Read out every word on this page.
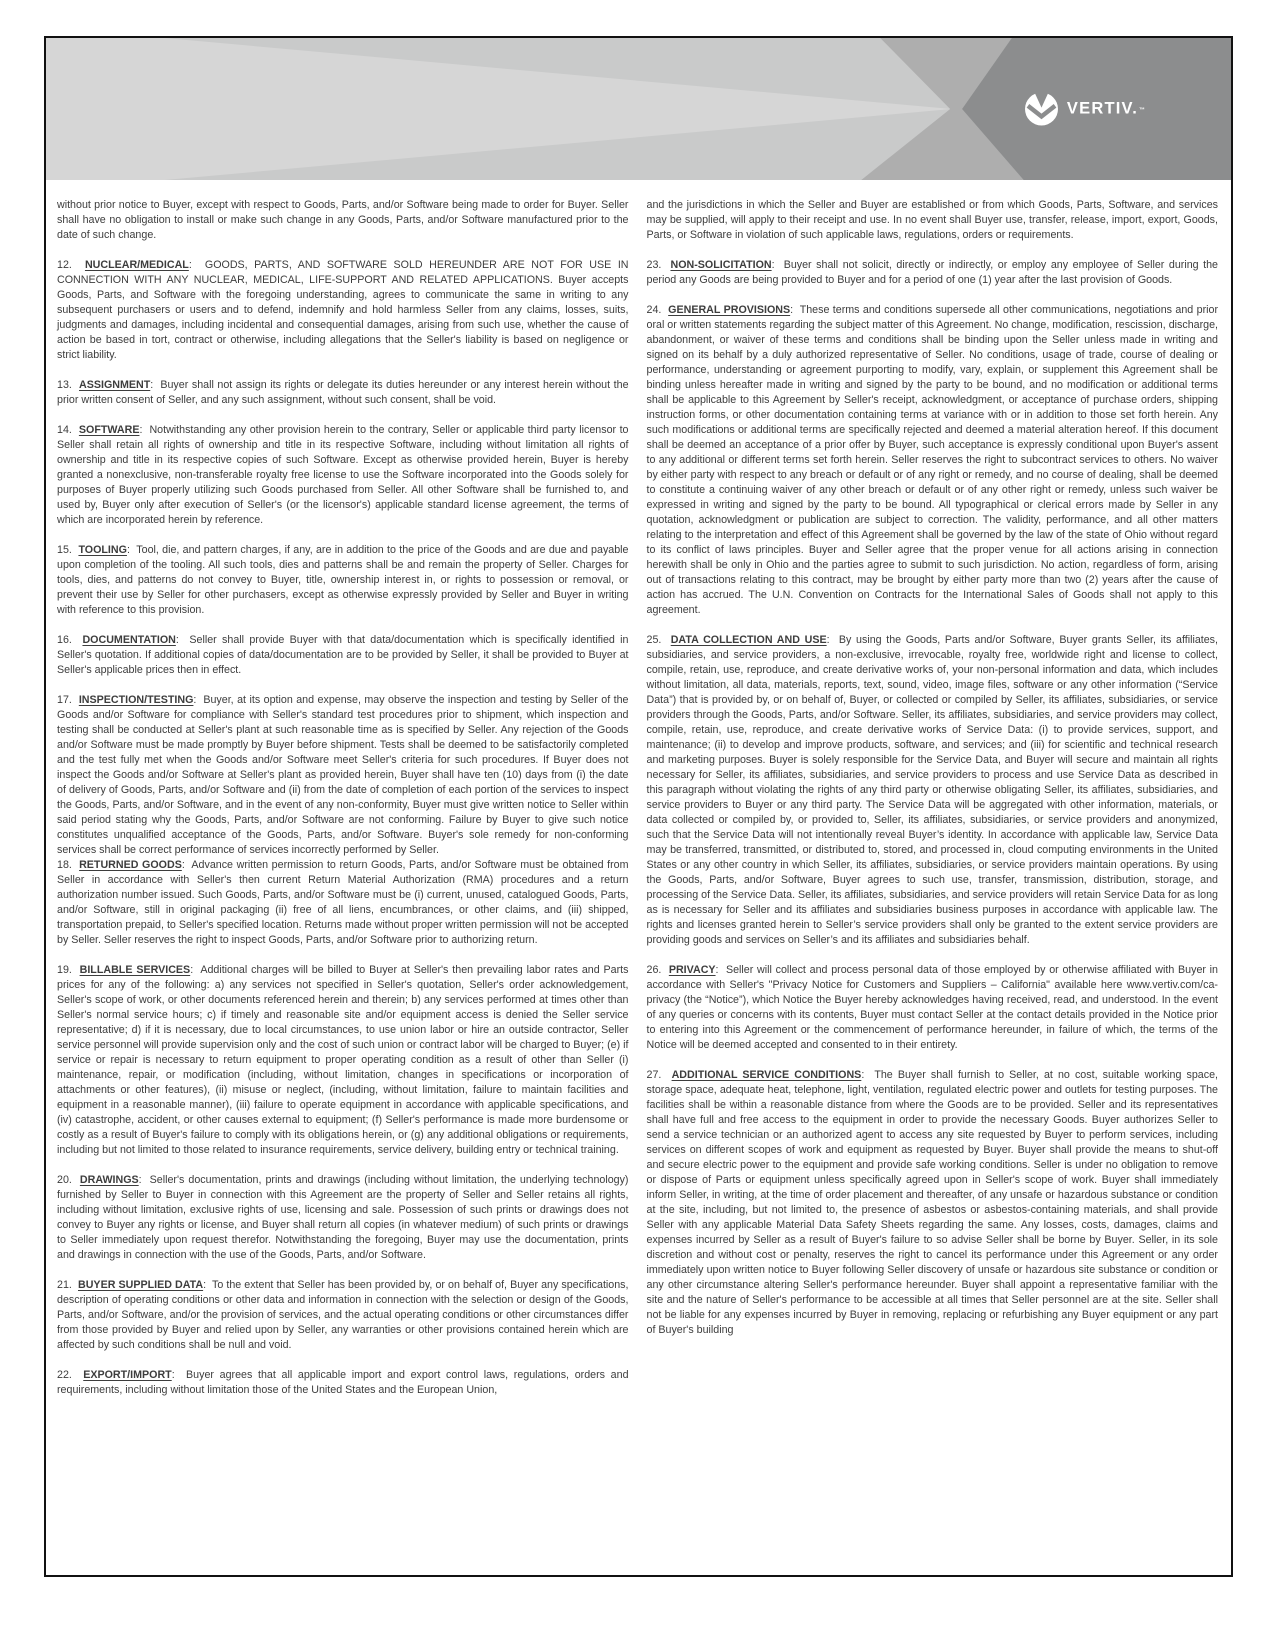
VERTIV.™

without prior notice to Buyer, except with respect to Goods, Parts, and/or Software being made to order for Buyer. Seller shall have no obligation to install or make such change in any Goods, Parts, and/or Software manufactured prior to the date of such change.

12.  NUCLEAR/MEDICAL:  GOODS, PARTS, AND SOFTWARE SOLD HEREUNDER ARE NOT FOR USE IN CONNECTION WITH ANY NUCLEAR, MEDICAL, LIFE-SUPPORT AND RELATED APPLICATIONS. Buyer accepts Goods, Parts, and Software with the foregoing understanding, agrees to communicate the same in writing to any subsequent purchasers or users and to defend, indemnify and hold harmless Seller from any claims, losses, suits, judgments and damages, including incidental and consequential damages, arising from such use, whether the cause of action be based in tort, contract or otherwise, including allegations that the Seller's liability is based on negligence or strict liability.

13.  ASSIGNMENT:  Buyer shall not assign its rights or delegate its duties hereunder or any interest herein without the prior written consent of Seller, and any such assignment, without such consent, shall be void.

14.  SOFTWARE:  Notwithstanding any other provision herein to the contrary, Seller or applicable third party licensor to Seller shall retain all rights of ownership and title in its respective Software, including without limitation all rights of ownership and title in its respective copies of such Software. Except as otherwise provided herein, Buyer is hereby granted a nonexclusive, non-transferable royalty free license to use the Software incorporated into the Goods solely for purposes of Buyer properly utilizing such Goods purchased from Seller. All other Software shall be furnished to, and used by, Buyer only after execution of Seller's (or the licensor's) applicable standard license agreement, the terms of which are incorporated herein by reference.

15.  TOOLING:  Tool, die, and pattern charges, if any, are in addition to the price of the Goods and are due and payable upon completion of the tooling. All such tools, dies and patterns shall be and remain the property of Seller. Charges for tools, dies, and patterns do not convey to Buyer, title, ownership interest in, or rights to possession or removal, or prevent their use by Seller for other purchasers, except as otherwise expressly provided by Seller and Buyer in writing with reference to this provision.

16.  DOCUMENTATION:  Seller shall provide Buyer with that data/documentation which is specifically identified in Seller's quotation. If additional copies of data/documentation are to be provided by Seller, it shall be provided to Buyer at Seller's applicable prices then in effect.

17.  INSPECTION/TESTING:  Buyer, at its option and expense, may observe the inspection and testing by Seller of the Goods and/or Software for compliance with Seller's standard test procedures prior to shipment, which inspection and testing shall be conducted at Seller's plant at such reasonable time as is specified by Seller. Any rejection of the Goods and/or Software must be made promptly by Buyer before shipment. Tests shall be deemed to be satisfactorily completed and the test fully met when the Goods and/or Software meet Seller's criteria for such procedures. If Buyer does not inspect the Goods and/or Software at Seller's plant as provided herein, Buyer shall have ten (10) days from (i) the date of delivery of Goods, Parts, and/or Software and (ii) from the date of completion of each portion of the services to inspect the Goods, Parts, and/or Software, and in the event of any non-conformity, Buyer must give written notice to Seller within said period stating why the Goods, Parts, and/or Software are not conforming. Failure by Buyer to give such notice constitutes unqualified acceptance of the Goods, Parts, and/or Software. Buyer's sole remedy for non-conforming services shall be correct performance of services incorrectly performed by Seller.

18.  RETURNED GOODS:  Advance written permission to return Goods, Parts, and/or Software must be obtained from Seller in accordance with Seller's then current Return Material Authorization (RMA) procedures and a return authorization number issued. Such Goods, Parts, and/or Software must be (i) current, unused, catalogued Goods, Parts, and/or Software, still in original packaging (ii) free of all liens, encumbrances, or other claims, and (iii) shipped, transportation prepaid, to Seller's specified location. Returns made without proper written permission will not be accepted by Seller. Seller reserves the right to inspect Goods, Parts, and/or Software prior to authorizing return.

19.  BILLABLE SERVICES:  Additional charges will be billed to Buyer at Seller's then prevailing labor rates and Parts prices for any of the following: a) any services not specified in Seller's quotation, Seller's order acknowledgement, Seller's scope of work, or other documents referenced herein and therein; b) any services performed at times other than Seller's normal service hours; c) if timely and reasonable site and/or equipment access is denied the Seller service representative; d) if it is necessary, due to local circumstances, to use union labor or hire an outside contractor, Seller service personnel will provide supervision only and the cost of such union or contract labor will be charged to Buyer; (e) if service or repair is necessary to return equipment to proper operating condition as a result of other than Seller (i) maintenance, repair, or modification (including, without limitation, changes in specifications or incorporation of attachments or other features), (ii) misuse or neglect, (including, without limitation, failure to maintain facilities and equipment in a reasonable manner), (iii) failure to operate equipment in accordance with applicable specifications, and (iv) catastrophe, accident, or other causes external to equipment; (f) Seller's performance is made more burdensome or costly as a result of Buyer's failure to comply with its obligations herein, or (g) any additional obligations or requirements, including but not limited to those related to insurance requirements, service delivery, building entry or technical training.

20.  DRAWINGS:  Seller's documentation, prints and drawings (including without limitation, the underlying technology) furnished by Seller to Buyer in connection with this Agreement are the property of Seller and Seller retains all rights, including without limitation, exclusive rights of use, licensing and sale. Possession of such prints or drawings does not convey to Buyer any rights or license, and Buyer shall return all copies (in whatever medium) of such prints or drawings to Seller immediately upon request therefor. Notwithstanding the foregoing, Buyer may use the documentation, prints and drawings in connection with the use of the Goods, Parts, and/or Software.

21.  BUYER SUPPLIED DATA:  To the extent that Seller has been provided by, or on behalf of, Buyer any specifications, description of operating conditions or other data and information in connection with the selection or design of the Goods, Parts, and/or Software, and/or the provision of services, and the actual operating conditions or other circumstances differ from those provided by Buyer and relied upon by Seller, any warranties or other provisions contained herein which are affected by such conditions shall be null and void.

22.  EXPORT/IMPORT:  Buyer agrees that all applicable import and export control laws, regulations, orders and requirements, including without limitation those of the United States and the European Union,

and the jurisdictions in which the Seller and Buyer are established or from which Goods, Parts, Software, and services may be supplied, will apply to their receipt and use. In no event shall Buyer use, transfer, release, import, export, Goods, Parts, or Software in violation of such applicable laws, regulations, orders or requirements.

23.  NON-SOLICITATION:  Buyer shall not solicit, directly or indirectly, or employ any employee of Seller during the period any Goods are being provided to Buyer and for a period of one (1) year after the last provision of Goods.

24.  GENERAL PROVISIONS:  These terms and conditions supersede all other communications, negotiations and prior oral or written statements regarding the subject matter of this Agreement. No change, modification, rescission, discharge, abandonment, or waiver of these terms and conditions shall be binding upon the Seller unless made in writing and signed on its behalf by a duly authorized representative of Seller. No conditions, usage of trade, course of dealing or performance, understanding or agreement purporting to modify, vary, explain, or supplement this Agreement shall be binding unless hereafter made in writing and signed by the party to be bound, and no modification or additional terms shall be applicable to this Agreement by Seller's receipt, acknowledgment, or acceptance of purchase orders, shipping instruction forms, or other documentation containing terms at variance with or in addition to those set forth herein. Any such modifications or additional terms are specifically rejected and deemed a material alteration hereof. If this document shall be deemed an acceptance of a prior offer by Buyer, such acceptance is expressly conditional upon Buyer's assent to any additional or different terms set forth herein. Seller reserves the right to subcontract services to others. No waiver by either party with respect to any breach or default or of any right or remedy, and no course of dealing, shall be deemed to constitute a continuing waiver of any other breach or default or of any other right or remedy, unless such waiver be expressed in writing and signed by the party to be bound. All typographical or clerical errors made by Seller in any quotation, acknowledgment or publication are subject to correction. The validity, performance, and all other matters relating to the interpretation and effect of this Agreement shall be governed by the law of the state of Ohio without regard to its conflict of laws principles. Buyer and Seller agree that the proper venue for all actions arising in connection herewith shall be only in Ohio and the parties agree to submit to such jurisdiction. No action, regardless of form, arising out of transactions relating to this contract, may be brought by either party more than two (2) years after the cause of action has accrued. The U.N. Convention on Contracts for the International Sales of Goods shall not apply to this agreement.

25.  DATA COLLECTION AND USE:  By using the Goods, Parts and/or Software, Buyer grants Seller, its affiliates, subsidiaries, and service providers, a non-exclusive, irrevocable, royalty free, worldwide right and license to collect, compile, retain, use, reproduce, and create derivative works of, your non-personal information and data, which includes without limitation, all data, materials, reports, text, sound, video, image files, software or any other information (“Service Data”) that is provided by, or on behalf of, Buyer, or collected or compiled by Seller, its affiliates, subsidiaries, or service providers through the Goods, Parts, and/or Software. Seller, its affiliates, subsidiaries, and service providers may collect, compile, retain, use, reproduce, and create derivative works of Service Data: (i) to provide services, support, and maintenance; (ii) to develop and improve products, software, and services; and (iii) for scientific and technical research and marketing purposes. Buyer is solely responsible for the Service Data, and Buyer will secure and maintain all rights necessary for Seller, its affiliates, subsidiaries, and service providers to process and use Service Data as described in this paragraph without violating the rights of any third party or otherwise obligating Seller, its affiliates, subsidiaries, and service providers to Buyer or any third party. The Service Data will be aggregated with other information, materials, or data collected or compiled by, or provided to, Seller, its affiliates, subsidiaries, or service providers and anonymized, such that the Service Data will not intentionally reveal Buyer’s identity. In accordance with applicable law, Service Data may be transferred, transmitted, or distributed to, stored, and processed in, cloud computing environments in the United States or any other country in which Seller, its affiliates, subsidiaries, or service providers maintain operations. By using the Goods, Parts, and/or Software, Buyer agrees to such use, transfer, transmission, distribution, storage, and processing of the Service Data. Seller, its affiliates, subsidiaries, and service providers will retain Service Data for as long as is necessary for Seller and its affiliates and subsidiaries business purposes in accordance with applicable law. The rights and licenses granted herein to Seller’s service providers shall only be granted to the extent service providers are providing goods and services on Seller’s and its affiliates and subsidiaries behalf.

26.  PRIVACY:  Seller will collect and process personal data of those employed by or otherwise affiliated with Buyer in accordance with Seller's "Privacy Notice for Customers and Suppliers – California" available here www.vertiv.com/ca-privacy (the “Notice”), which Notice the Buyer hereby acknowledges having received, read, and understood. In the event of any queries or concerns with its contents, Buyer must contact Seller at the contact details provided in the Notice prior to entering into this Agreement or the commencement of performance hereunder, in failure of which, the terms of the Notice will be deemed accepted and consented to in their entirety.

27.  ADDITIONAL SERVICE CONDITIONS:  The Buyer shall furnish to Seller, at no cost, suitable working space, storage space, adequate heat, telephone, light, ventilation, regulated electric power and outlets for testing purposes. The facilities shall be within a reasonable distance from where the Goods are to be provided. Seller and its representatives shall have full and free access to the equipment in order to provide the necessary Goods. Buyer authorizes Seller to send a service technician or an authorized agent to access any site requested by Buyer to perform services, including services on different scopes of work and equipment as requested by Buyer. Buyer shall provide the means to shut-off and secure electric power to the equipment and provide safe working conditions. Seller is under no obligation to remove or dispose of Parts or equipment unless specifically agreed upon in Seller's scope of work. Buyer shall immediately inform Seller, in writing, at the time of order placement and thereafter, of any unsafe or hazardous substance or condition at the site, including, but not limited to, the presence of asbestos or asbestos-containing materials, and shall provide Seller with any applicable Material Data Safety Sheets regarding the same. Any losses, costs, damages, claims and expenses incurred by Seller as a result of Buyer's failure to so advise Seller shall be borne by Buyer. Seller, in its sole discretion and without cost or penalty, reserves the right to cancel its performance under this Agreement or any order immediately upon written notice to Buyer following Seller discovery of unsafe or hazardous site substance or condition or any other circumstance altering Seller's performance hereunder. Buyer shall appoint a representative familiar with the site and the nature of Seller's performance to be accessible at all times that Seller personnel are at the site. Seller shall not be liable for any expenses incurred by Buyer in removing, replacing or refurbishing any Buyer equipment or any part of Buyer's building
